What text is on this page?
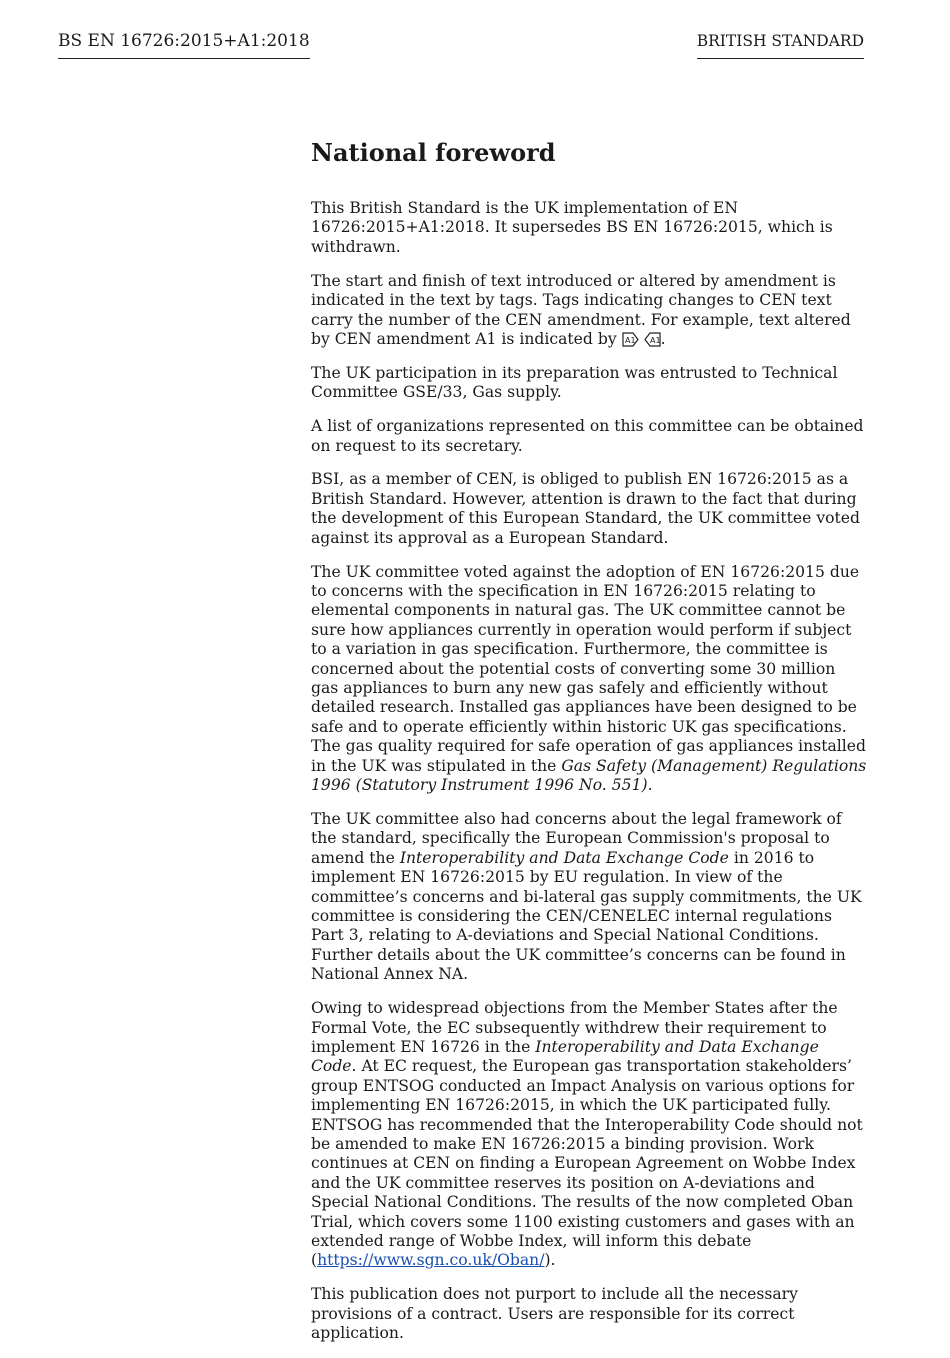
BS EN 16726:2015+A1:2018	BRITISH STANDARD
National foreword

This British Standard is the UK implementation of EN 16726:2015+A1:2018. It supersedes BS EN 16726:2015, which is withdrawn.

The start and finish of text introduced or altered by amendment is indicated in the text by tags. Tags indicating changes to CEN text carry the number of the CEN amendment. For example, text altered by CEN amendment A1 is indicated by A1
A1 .

The UK participation in its preparation was entrusted to Technical Committee GSE/33, Gas supply.

A list of organizations represented on this committee can be obtained on request to its secretary.

BSI, as a member of CEN, is obliged to publish EN 16726:2015 as a British Standard. However, attention is drawn to the fact that during the development of this European Standard, the UK committee voted against its approval as a European Standard.

The UK committee voted against the adoption of EN 16726:2015 due to concerns with the specification in EN 16726:2015 relating to elemental components in natural gas. The UK committee cannot be sure how appliances currently in operation would perform if subject to a variation in gas specification. Furthermore, the committee is concerned about the potential costs of converting some 30 million gas appliances to burn any new gas safely and efficiently without detailed research. Installed gas appliances have been designed to be safe and to operate efficiently within historic UK gas specifications. The gas quality required for safe operation of gas appliances installed in the UK was stipulated in the Gas Safety (Management) Regulations 1996 (Statutory Instrument 1996 No. 551).

The UK committee also had concerns about the legal framework of the standard, specifically the European Commission's proposal to amend the Interoperability and Data Exchange Code in 2016 to implement EN 16726:2015 by EU regulation. In view of the committee’s concerns and bi-lateral gas supply commitments, the UK committee is considering the CEN/CENELEC internal regulations Part 3, relating to A-deviations and Special National Conditions. Further details about the UK committee’s concerns can be found in National Annex NA.

Owing to widespread objections from the Member States after the Formal Vote, the EC subsequently withdrew their requirement to implement EN 16726 in the Interoperability and Data Exchange Code. At EC request, the European gas transportation stakeholders’ group ENTSOG conducted an Impact Analysis on various options for implementing EN 16726:2015, in which the UK participated fully. ENTSOG has recommended that the Interoperability Code should not be amended to make EN 16726:2015 a binding provision. Work continues at CEN on finding a European Agreement on Wobbe Index and the UK committee reserves its position on A-deviations and Special National Conditions. The results of the now completed Oban Trial, which covers some 1100 existing customers and gases with an extended range of Wobbe Index, will inform this debate (https://www.sgn.co.uk/Oban/).

This publication does not purport to include all the necessary provisions of a contract. Users are responsible for its correct application.
